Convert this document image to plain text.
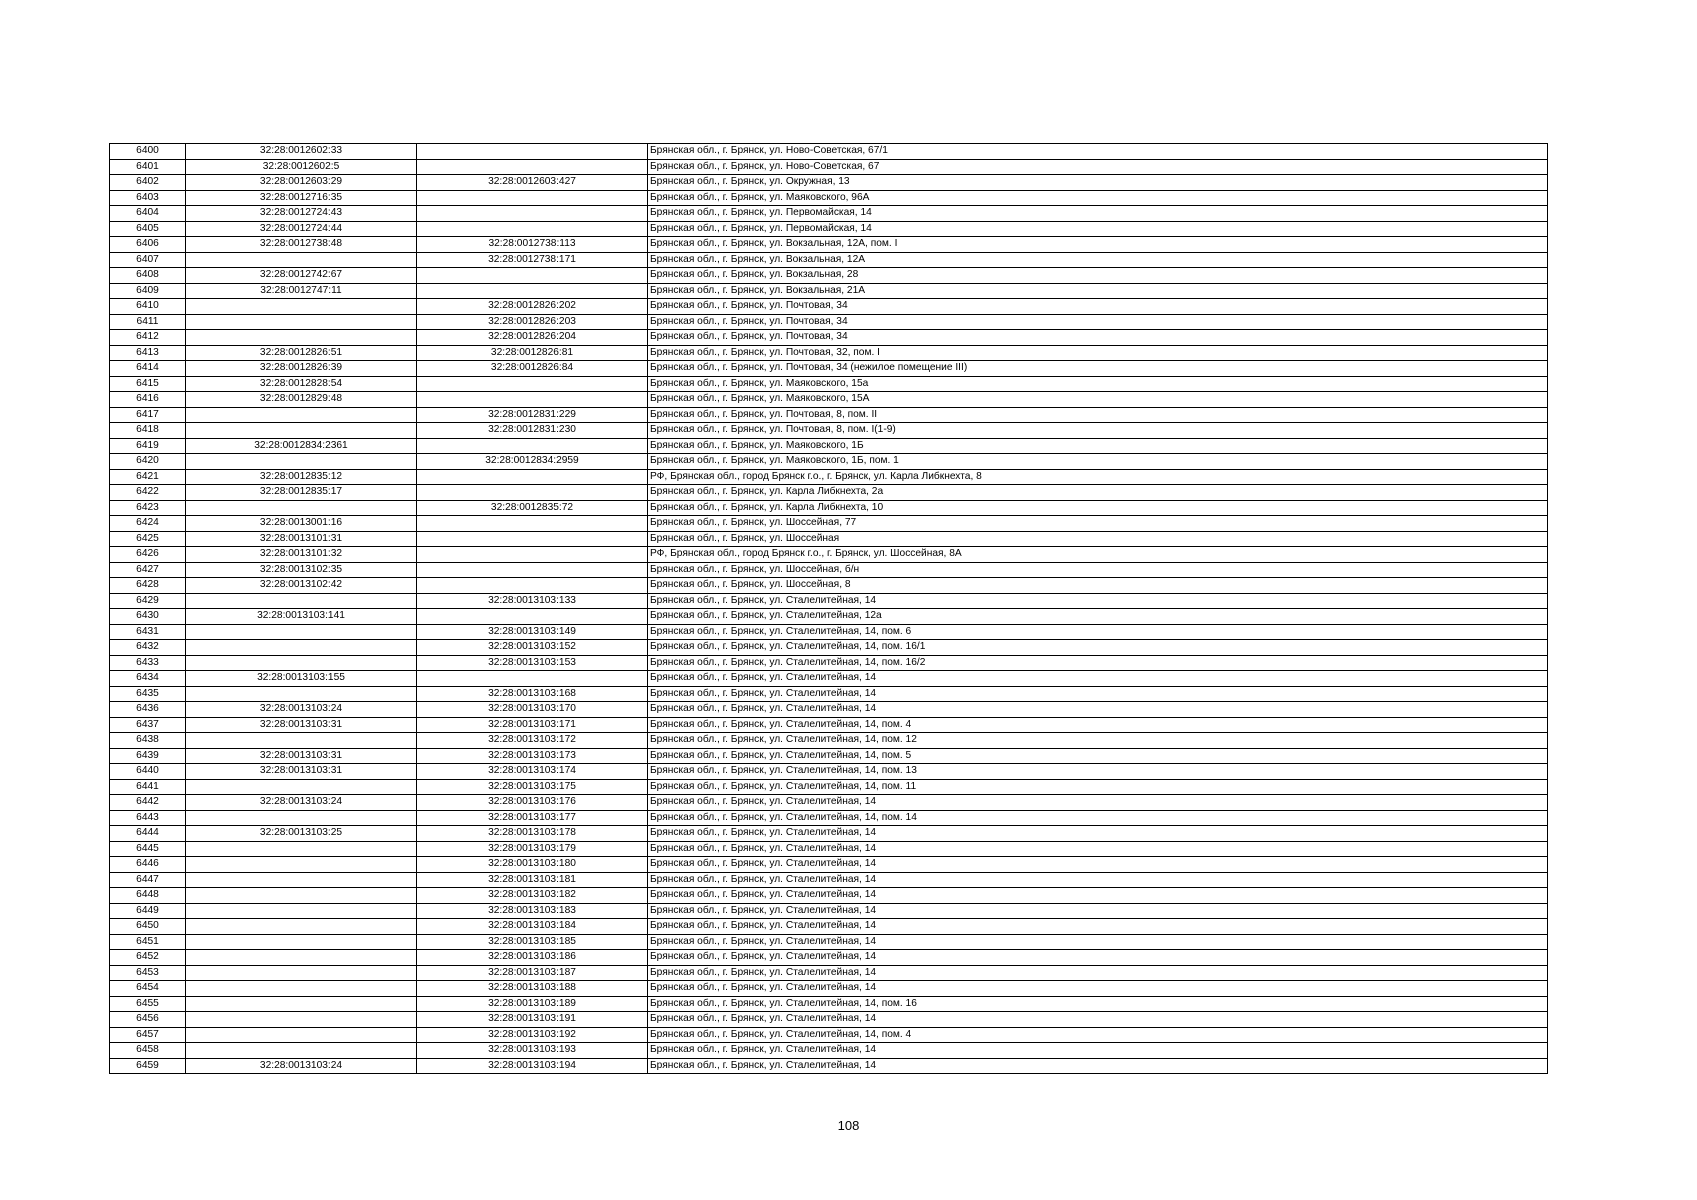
6400	32:28:0012602:33		Брянская обл., г. Брянск, ул. Ново-Советская, 67/1
6401	32:28:0012602:5		Брянская обл., г. Брянск, ул. Ново-Советская, 67
6402	32:28:0012603:29	32:28:0012603:427	Брянская обл., г. Брянск, ул. Окружная, 13
6403	32:28:0012716:35		Брянская обл., г. Брянск, ул. Маяковского, 96А
6404	32:28:0012724:43		Брянская обл., г. Брянск, ул. Первомайская, 14
6405	32:28:0012724:44		Брянская обл., г. Брянск, ул. Первомайская, 14
6406	32:28:0012738:48	32:28:0012738:113	Брянская обл., г. Брянск, ул. Вокзальная, 12А, пом. I
6407		32:28:0012738:171	Брянская обл., г. Брянск, ул. Вокзальная, 12А
6408	32:28:0012742:67		Брянская обл., г. Брянск, ул. Вокзальная, 28
6409	32:28:0012747:11		Брянская обл., г. Брянск, ул. Вокзальная, 21А
6410		32:28:0012826:202	Брянская обл., г. Брянск, ул. Почтовая, 34
6411		32:28:0012826:203	Брянская обл., г. Брянск, ул. Почтовая, 34
6412		32:28:0012826:204	Брянская обл., г. Брянск, ул. Почтовая, 34
6413	32:28:0012826:51	32:28:0012826:81	Брянская обл., г. Брянск, ул. Почтовая, 32, пом. I
6414	32:28:0012826:39	32:28:0012826:84	Брянская обл., г. Брянск, ул. Почтовая, 34 (нежилое помещение III)
6415	32:28:0012828:54		Брянская обл., г. Брянск, ул. Маяковского, 15а
6416	32:28:0012829:48		Брянская обл., г. Брянск, ул. Маяковского, 15А
6417		32:28:0012831:229	Брянская обл., г. Брянск, ул. Почтовая, 8, пом. II
6418		32:28:0012831:230	Брянская обл., г. Брянск, ул. Почтовая, 8, пом. I(1-9)
6419	32:28:0012834:2361		Брянская обл., г. Брянск, ул. Маяковского, 1Б
6420		32:28:0012834:2959	Брянская обл., г. Брянск, ул. Маяковского, 1Б, пом. 1
6421	32:28:0012835:12		РФ, Брянская обл., город Брянск г.о., г. Брянск, ул. Карла Либкнехта, 8
6422	32:28:0012835:17		Брянская обл., г. Брянск, ул. Карла Либкнехта, 2а
6423		32:28:0012835:72	Брянская обл., г. Брянск, ул. Карла Либкнехта, 10
6424	32:28:0013001:16		Брянская обл., г. Брянск, ул. Шоссейная, 77
6425	32:28:0013101:31		Брянская обл., г. Брянск, ул. Шоссейная
6426	32:28:0013101:32		РФ, Брянская обл., город Брянск г.о., г. Брянск, ул. Шоссейная, 8А
6427	32:28:0013102:35		Брянская обл., г. Брянск, ул. Шоссейная, б/н
6428	32:28:0013102:42		Брянская обл., г. Брянск, ул. Шоссейная, 8
6429		32:28:0013103:133	Брянская обл., г. Брянск, ул. Сталелитейная, 14
6430	32:28:0013103:141		Брянская обл., г. Брянск, ул. Сталелитейная, 12а
6431		32:28:0013103:149	Брянская обл., г. Брянск, ул. Сталелитейная, 14, пом. 6
6432		32:28:0013103:152	Брянская обл., г. Брянск, ул. Сталелитейная, 14, пом. 16/1
6433		32:28:0013103:153	Брянская обл., г. Брянск, ул. Сталелитейная, 14, пом. 16/2
6434	32:28:0013103:155		Брянская обл., г. Брянск, ул. Сталелитейная, 14
6435		32:28:0013103:168	Брянская обл., г. Брянск, ул. Сталелитейная, 14
6436	32:28:0013103:24	32:28:0013103:170	Брянская обл., г. Брянск, ул. Сталелитейная, 14
6437	32:28:0013103:31	32:28:0013103:171	Брянская обл., г. Брянск, ул. Сталелитейная, 14, пом. 4
6438		32:28:0013103:172	Брянская обл., г. Брянск, ул. Сталелитейная, 14, пом. 12
6439	32:28:0013103:31	32:28:0013103:173	Брянская обл., г. Брянск, ул. Сталелитейная, 14, пом. 5
6440	32:28:0013103:31	32:28:0013103:174	Брянская обл., г. Брянск, ул. Сталелитейная, 14, пом. 13
6441		32:28:0013103:175	Брянская обл., г. Брянск, ул. Сталелитейная, 14, пом. 11
6442	32:28:0013103:24	32:28:0013103:176	Брянская обл., г. Брянск, ул. Сталелитейная, 14
6443		32:28:0013103:177	Брянская обл., г. Брянск, ул. Сталелитейная, 14, пом. 14
6444	32:28:0013103:25	32:28:0013103:178	Брянская обл., г. Брянск, ул. Сталелитейная, 14
6445		32:28:0013103:179	Брянская обл., г. Брянск, ул. Сталелитейная, 14
6446		32:28:0013103:180	Брянская обл., г. Брянск, ул. Сталелитейная, 14
6447		32:28:0013103:181	Брянская обл., г. Брянск, ул. Сталелитейная, 14
6448		32:28:0013103:182	Брянская обл., г. Брянск, ул. Сталелитейная, 14
6449		32:28:0013103:183	Брянская обл., г. Брянск, ул. Сталелитейная, 14
6450		32:28:0013103:184	Брянская обл., г. Брянск, ул. Сталелитейная, 14
6451		32:28:0013103:185	Брянская обл., г. Брянск, ул. Сталелитейная, 14
6452		32:28:0013103:186	Брянская обл., г. Брянск, ул. Сталелитейная, 14
6453		32:28:0013103:187	Брянская обл., г. Брянск, ул. Сталелитейная, 14
6454		32:28:0013103:188	Брянская обл., г. Брянск, ул. Сталелитейная, 14
6455		32:28:0013103:189	Брянская обл., г. Брянск, ул. Сталелитейная, 14, пом. 16
6456		32:28:0013103:191	Брянская обл., г. Брянск, ул. Сталелитейная, 14
6457		32:28:0013103:192	Брянская обл., г. Брянск, ул. Сталелитейная, 14, пом. 4
6458		32:28:0013103:193	Брянская обл., г. Брянск, ул. Сталелитейная, 14
6459	32:28:0013103:24	32:28:0013103:194	Брянская обл., г. Брянск, ул. Сталелитейная, 14
108
